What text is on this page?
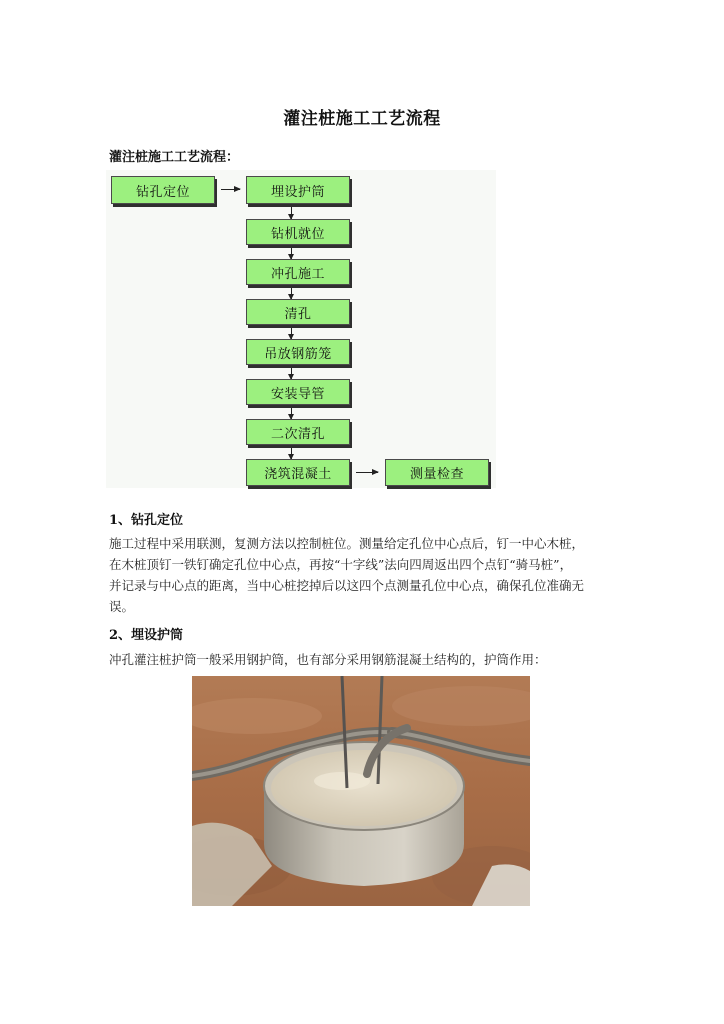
灌注桩施工工艺流程
灌注桩施工工艺流程：
钻孔定位	埋设护筒
钻机就位
冲孔施工
清孔
吊放钢筋笼
安装导管
二次清孔
浇筑混凝土	测量检查
1、钻孔定位
施工过程中采用联测，复测方法以控制桩位。测量给定孔位中心点后，钉一中心木桩，
在木桩顶钉一铁钉确定孔位中心点，再按“十字线”法向四周返出四个点钉“骑马桩”，
并记录与中心点的距离，当中心桩挖掉后以这四个点测量孔位中心点，确保孔位准确无
误。
2、埋设护筒
冲孔灌注桩护筒一般采用钢护筒，也有部分采用钢筋混凝土结构的，护筒作用：
